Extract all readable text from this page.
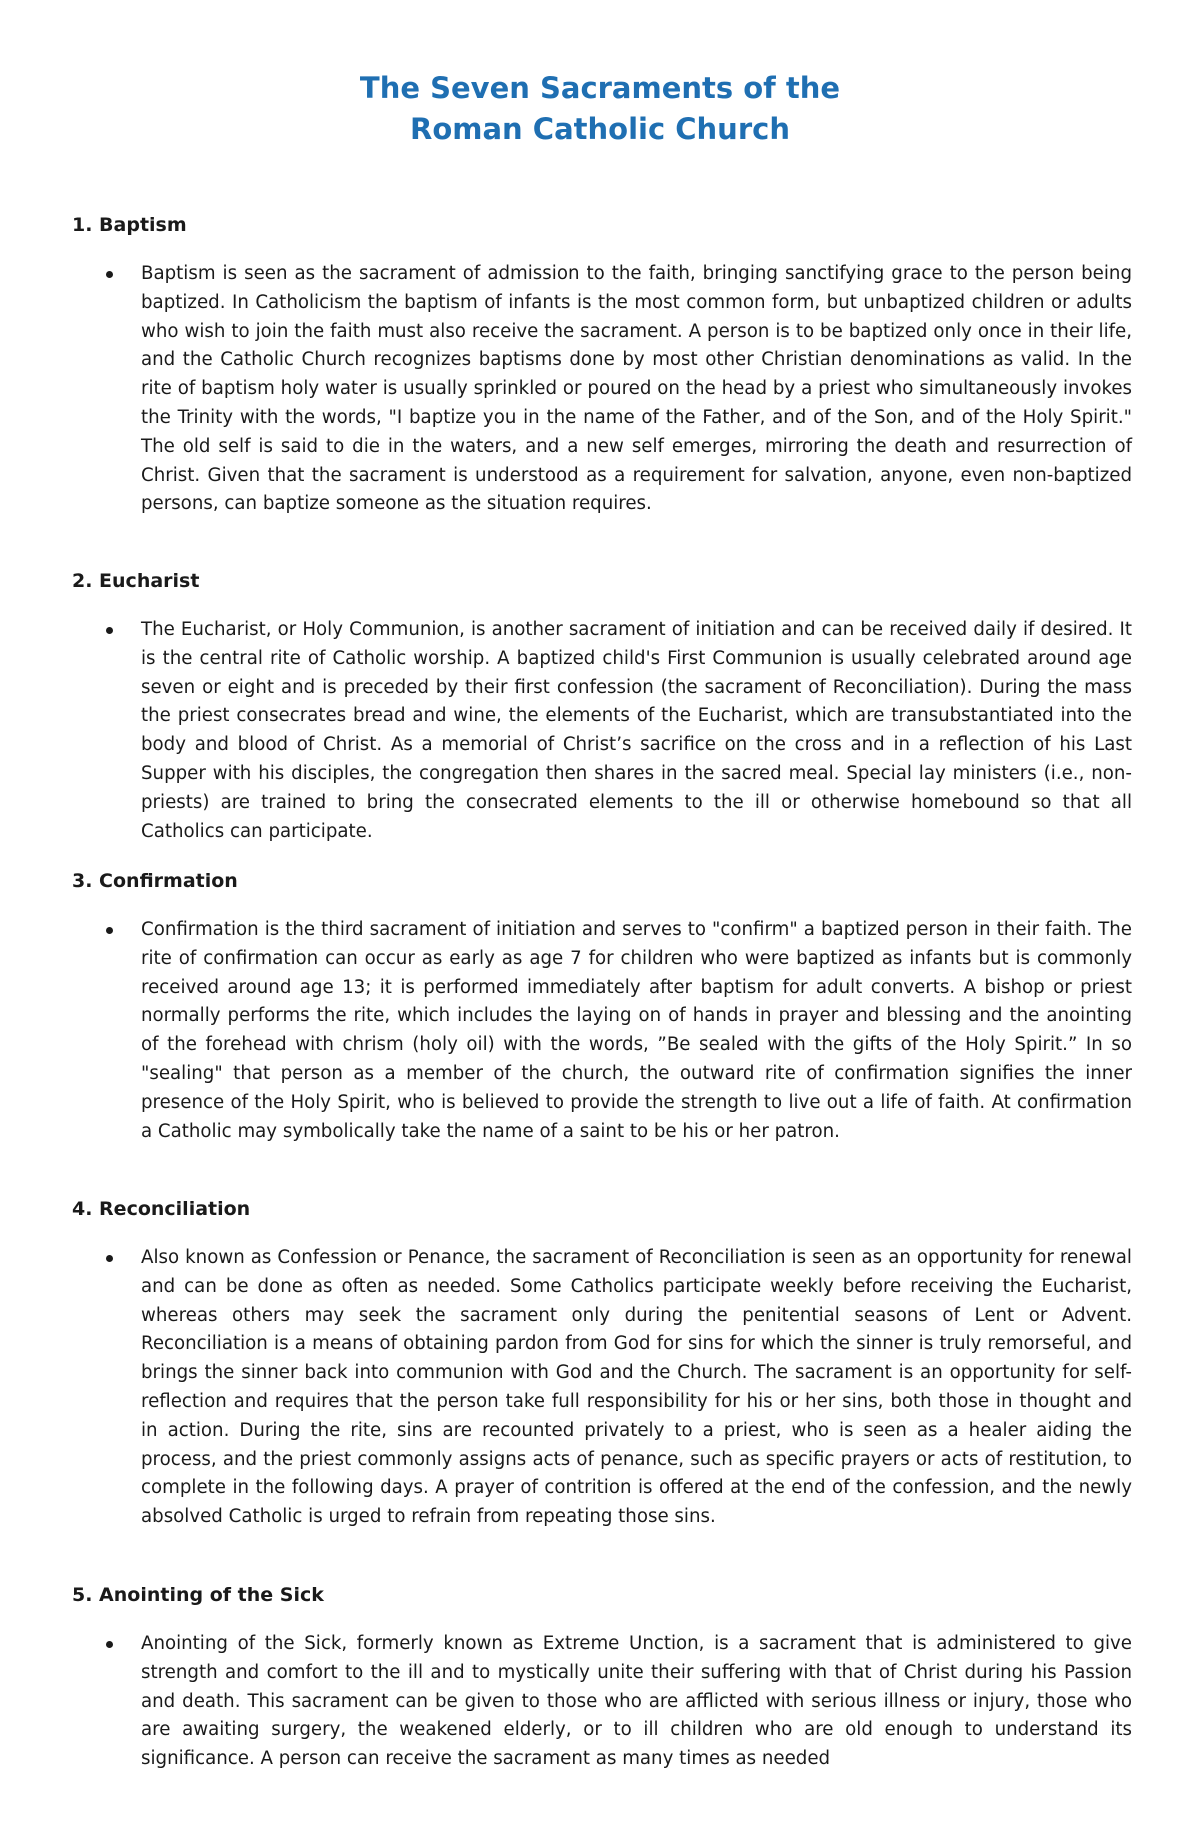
The Seven Sacraments of the
Roman Catholic Church
1. Baptism

Baptism is seen as the sacrament of admission to the faith, bringing sanctifying grace to the person being baptized. In Catholicism the baptism of infants is the most common form, but unbaptized children or adults who wish to join the faith must also receive the sacrament. A person is to be baptized only once in their life, and the Catholic Church recognizes baptisms done by most other Christian denominations as valid. In the rite of baptism holy water is usually sprinkled or poured on the head by a priest who simultaneously invokes the Trinity with the words, "I baptize you in the name of the Father, and of the Son, and of the Holy Spirit." The old self is said to die in the waters, and a new self emerges, mirroring the death and resurrection of Christ. Given that the sacrament is understood as a requirement for salvation, anyone, even non-baptized persons, can baptize someone as the situation requires.

2. Eucharist

The Eucharist, or Holy Communion, is another sacrament of initiation and can be received daily if desired. It is the central rite of Catholic worship. A baptized child's First Communion is usually celebrated around age seven or eight and is preceded by their first confession (the sacrament of Reconciliation). During the mass the priest consecrates bread and wine, the elements of the Eucharist, which are transubstantiated into the body and blood of Christ. As a memorial of Christ’s sacrifice on the cross and in a reflection of his Last Supper with his disciples, the congregation then shares in the sacred meal. Special lay ministers (i.e., non-priests) are trained to bring the consecrated elements to the ill or otherwise homebound so that all Catholics can participate.

3. Confirmation

Confirmation is the third sacrament of initiation and serves to "confirm" a baptized person in their faith. The rite of confirmation can occur as early as age 7 for children who were baptized as infants but is commonly received around age 13; it is performed immediately after baptism for adult converts. A bishop or priest normally performs the rite, which includes the laying on of hands in prayer and blessing and the anointing of the forehead with chrism (holy oil) with the words, ”Be sealed with the gifts of the Holy Spirit.” In so "sealing" that person as a member of the church, the outward rite of confirmation signifies the inner presence of the Holy Spirit, who is believed to provide the strength to live out a life of faith. At confirmation a Catholic may symbolically take the name of a saint to be his or her patron.

4. Reconciliation

Also known as Confession or Penance, the sacrament of Reconciliation is seen as an opportunity for renewal and can be done as often as needed. Some Catholics participate weekly before receiving the Eucharist, whereas others may seek the sacrament only during the penitential seasons of Lent or Advent. Reconciliation is a means of obtaining pardon from God for sins for which the sinner is truly remorseful, and brings the sinner back into communion with God and the Church. The sacrament is an opportunity for self-reflection and requires that the person take full responsibility for his or her sins, both those in thought and in action. During the rite, sins are recounted privately to a priest, who is seen as a healer aiding the process, and the priest commonly assigns acts of penance, such as specific prayers or acts of restitution, to complete in the following days. A prayer of contrition is offered at the end of the confession, and the newly absolved Catholic is urged to refrain from repeating those sins.

5. Anointing of the Sick

Anointing of the Sick, formerly known as Extreme Unction, is a sacrament that is administered to give strength and comfort to the ill and to mystically unite their suffering with that of Christ during his Passion and death. This sacrament can be given to those who are afflicted with serious illness or injury, those who are awaiting surgery, the weakened elderly, or to ill children who are old enough to understand its significance. A person can receive the sacrament as many times as needed
